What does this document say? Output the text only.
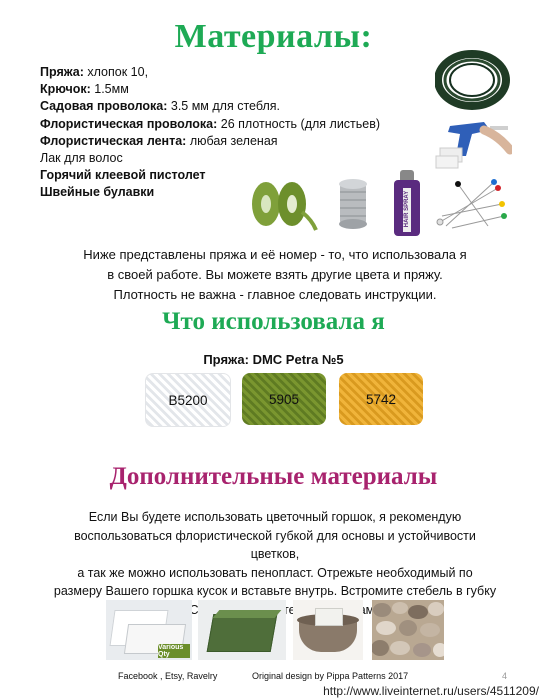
Материалы:
Пряжа: хлопок 10,
Крючок: 1.5мм
Садовая проволока: 3.5 мм для стебля.
Флористическая проволока: 26 плотность (для листьев)
Флористическая лента: любая зеленая
Лак для волос
Горячий клеевой пистолет
Швейные булавки	HAIR SPRAY
Ниже представлены пряжа и её номер - то, что использовала я
в своей работе. Вы можете взять другие цвета и пряжу.
Плотность не важна - главное следовать инструкции.
Что использовала я
Пряжа: DMC Petra №5
B5200	5905	5742
Дополнительные материалы
Если Вы будете использовать цветочный горшок, я рекомендую
воспользоваться флористической губкой для основы и устойчивости цветков,
а так же можно использовать пенопласт. Отрежьте необходимый по
размеру Вашего горшка кусок и вставьте внутрь. Встромите стебель в губку
Various Qty
Facebook , Etsy, Ravelry	Original design by Pippa Patterns 2017	4
http://www.liveinternet.ru/users/4511209/
